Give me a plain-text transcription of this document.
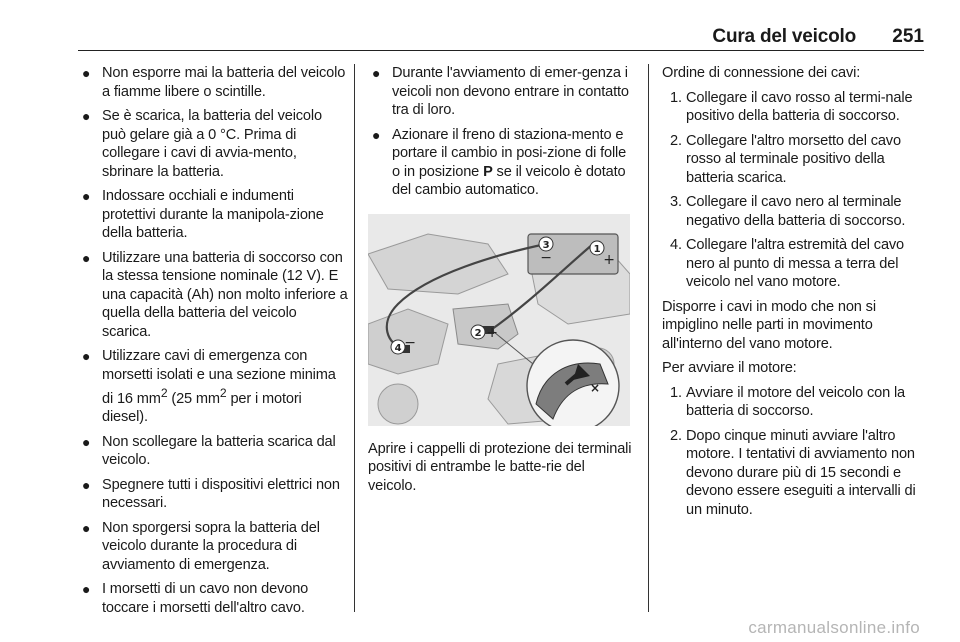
Cura del veicolo 251
● Non esporre mai la batteria del veicolo a fiamme libere o scintille.
● Se è scarica, la batteria del veicolo può gelare già a 0 °C. Prima di collegare i cavi di avvia-mento, sbrinare la batteria.
● Indossare occhiali e indumenti protettivi durante la manipola-zione della batteria.
● Utilizzare una batteria di soccorso con la stessa tensione nominale (12 V). E una capacità (Ah) non molto inferiore a quella della batteria del veicolo scarica.
● Utilizzare cavi di emergenza con morsetti isolati e una sezione minima di 16 $mm^2$ (25 $mm^2$ per i motori diesel).
● Non scollegare la batteria scarica dal veicolo.
● Spegnere tutti i dispositivi elettrici non necessari.
● Non sporgersi sopra la batteria del veicolo durante la procedura di avviamento di emergenza.
● I morsetti di un cavo non devono toccare i morsetti dell'altro cavo.
● Durante l'avviamento di emer-genza i veicoli non devono entrare in contatto tra di loro.
● Azionare il freno di staziona-mento e portare il cambio in posi-zione di folle o in posizione P se il veicolo è dotato del cambio automatico.
×
3
−
1
+
2 +
4 −

Aprire i cappelli di protezione dei terminali positivi di entrambe le batte-rie del veicolo.

Ordine di connessione dei cavi:

1. Collegare il cavo rosso al termi-nale positivo della batteria di soccorso.
2. Collegare l'altro morsetto del cavo rosso al terminale positivo della batteria scarica.
3. Collegare il cavo nero al terminale negativo della batteria di soccorso.
4. Collegare l'altra estremità del cavo nero al punto di messa a terra del veicolo nel vano motore.

Disporre i cavi in modo che non si impiglino nelle parti in movimento all'interno del vano motore.

Per avviare il motore:

1. Avviare il motore del veicolo con la batteria di soccorso.
2. Dopo cinque minuti avviare l'altro motore. I tentativi di avviamento non devono durare più di 15 secondi e devono essere eseguiti a intervalli di un minuto.
carmanualsonline.info
